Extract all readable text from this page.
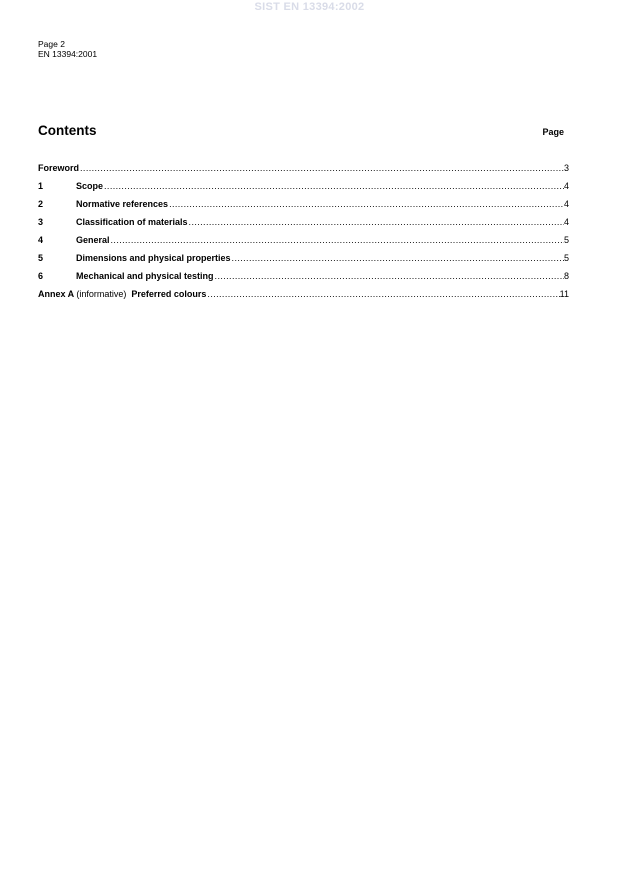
SIST EN 13394:2002
Page 2
EN 13394:2001
Contents	Page
Foreword .....	3
1	Scope .....	4
2	Normative references .....	4
3	Classification of materials .....	4
4	General .....	5
5	Dimensions and physical properties .....	5
6	Mechanical and physical testing .....	8
Annex A (informative) Preferred colours .....	11
